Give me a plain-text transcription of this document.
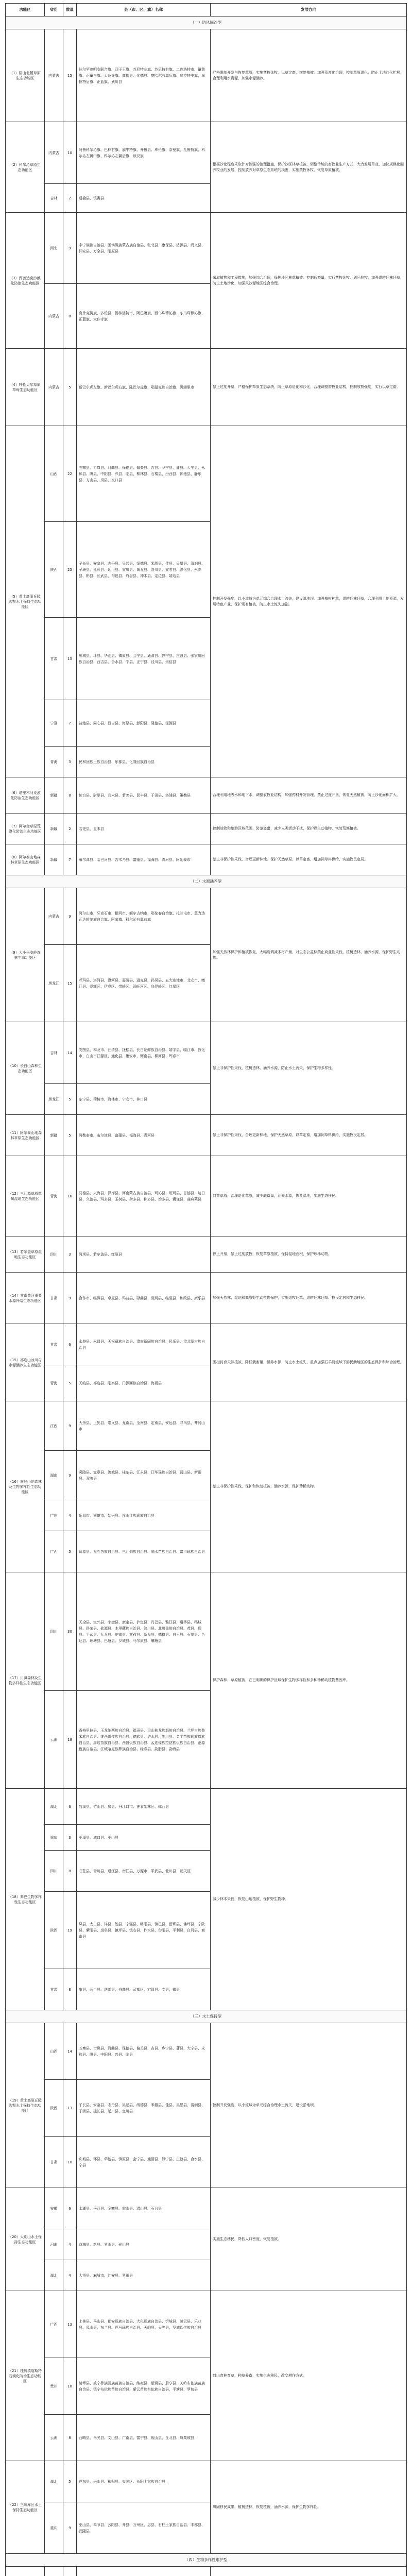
功能区	省份	数量	县（市、区、旗）名称	发展方向
（一）防风固沙型				
（1）阴山北麓草原生态功能区	内蒙古	15	达尔罕茂明安联合旗、四子王旗、苏尼特左旗、苏尼特右旗、二连浩特市、镶黄旗、正镶白旗、太仆寺旗、商都县、化德县、察哈尔右翼后旗、乌拉特中旗、乌拉特后旗、正蓝旗、武川县	严格限制开发与恢复草原，实施禁牧休牧，以草定畜，恢复植被。加强荒漠化治理，控制草原退化，防止土地沙化扩展，合理利用水资源，加强水源涵养。
（2）科尔沁草原生态功能区	内蒙古	10	阿鲁科尔沁旗、巴林右旗、翁牛特旗、开鲁县、库伦旗、奈曼旗、扎鲁特旗、科尔沁左翼中旗、科尔沁左翼后旗、敖汉旗	根据沙化程度采取针对性强的治理措施，保护沙区林草植被，调整传统的畜牧业生产方式，大力发展草业，加快规模化圈养牧业的发展，控制放养对草原生态系统的损害，实施禁牧休牧，恢复草原植被。
	吉林	2	通榆县、镇赉县	
（3）浑善达克沙漠化防治生态功能区	河北	9	丰宁满族自治县、围场满族蒙古族自治县、张北县、康保县、沽源县、尚义县、怀安县、万全县、阳原县	采取植物和工程措施，加强综合治理，保护沙区林草植被。控制载畜量，实行禁牧休牧、划区轮牧，加强退耕还林还草，防止土地沙化，加强风沙源地区综合治理。
	内蒙古	8	克什克腾旗、多伦县、锡林浩特市、阿巴嘎旗、西乌珠穆沁旗、东乌珠穆沁旗、正蓝旗、太仆寺旗	
（4）呼伦贝尔草原草甸生态功能区	内蒙古	5	新巴尔虎左旗、新巴尔虎右旗、陈巴尔虎旗、鄂温克族自治旗、满洲里市	禁止过度开垦，严格保护草原生态系统，防止草原退化和沙化，合理调整畜牧业结构，控制放牧强度，实行以草定畜。
（5）黄土高原丘陵沟壑水土保持生态功能区	山西	22	五寨县、岢岚县、河曲县、保德县、偏关县、吉县、乡宁县、蒲县、大宁县、永和县、隰县、中阳县、兴县、临县、柳林县、石楼县、汾西县、神池县、静乐县、方山县、岚县、交口县	控制开发强度，以小流域为单元综合治理水土流失，建设淤地坝。加强植树种草，退耕还林还草，合理利用土地资源，发展特色产业，保护现有植被，防止水土流失加剧。
	陕西	25	子长县、安塞县、志丹县、吴起县、绥德县、米脂县、佳县、吴堡县、清涧县、子洲县、延长县、延川县、宜川县、黄龙县、洛川县、宜君县、淳化县、永寿县、彬县、长武县、旬邑县、府谷县、神木县、定边县、靖边县	
	甘肃	15	庆城县、环县、华池县、镇原县、会宁县、通渭县、静宁县、庄浪县、张家川回族自治县、西吉县、合水县、宁县、正宁县、泾川县、崇信县	
	宁夏	7	盐池县、同心县、西吉县、海原县、彭阳县、隆德县、泾源县	
	青海	3	民和回族土族自治县、乐都县、化隆回族自治县	
（6）塔里木河荒漠化防治生态功能区	新疆	8	轮台县、尉犁县、且末县、若羌县、民丰县、于田县、洛浦县、策勒县	合理利用地表水和地下水，调整农牧业结构，加强药材开发管理，禁止过度开垦，恢复天然植被，防止沙化面积扩大。
（7）阿尔金草原荒漠化防治生态功能区	新疆	2	若羌县、且末县	控制放牧和旅游区域范围，防范盗猎，减少人类活动干扰，保护野生动植物，恢复荒漠植被。
（8）阿尔泰山地森林草原生态功能区	新疆	7	布尔津县、哈巴河县、吉木乃县、富蕴县、福海县、青河县、阿勒泰市	禁止非保护性采伐，合理更新林地。保护天然草原，以草定畜，增加饲草料供给，实施牧民定居。
（二）水源涵养型				
（9）大小兴安岭森林生态功能区	内蒙古	9	阿尔山市、牙克石市、根河市、额尔古纳市、鄂伦春自治旗、扎兰屯市、莫力达瓦达斡尔族自治旗、阿荣旗、科尔沁右翼前旗	加强天然林保护和植被恢复，大幅度调减木材产量，对生态公益林禁止商业性采伐，植树造林，涵养水源，保护野生动物。
	黑龙江	15	呼玛县、塔河县、漠河县、嘉荫县、逊克县、孙吴县、五大连池市、北安市、嫩江县、爱辉区、伊春区、带岭区、汤旺河区、乌伊岭区、红星区	
（10）长白山森林生态功能区	吉林	14	安图县、和龙市、汪清县、抚松县、长白朝鲜族自治县、靖宇县、临江市、敦化市、白山市江源区、通化县、集安市、辉南县、柳河县、珲春市	禁止非保护性采伐，植树造林，涵养水源，防止水土流失，保护生物多样性。
	黑龙江	5	东宁县、穆棱市、海林市、宁安市、林口县	
（11）阿尔泰山地森林草原生态功能区	新疆	5	阿勒泰市、布尔津县、富蕴县、福海县、青河县	禁止非保护性采伐，合理更新林地，保护天然草原，以草定畜，增加饲草料供给，实施牧民定居。
（12）三江源草原草甸湿地生态功能区	青海	16	同德县、兴海县、泽库县、河南蒙古族自治县、玛沁县、班玛县、甘德县、达日县、久治县、玛多县、玉树县、杂多县、称多县、治多县、囊谦县、曲麻莱县	封育草原，治理退化草原，减少载畜量，涵养水源，恢复湿地，实施生态移民。
（13）若尔盖草原湿地生态功能区	四川	3	阿坝县、若尔盖县、红原县	停止开垦，禁止过度放牧，恢复草原植被，保持湿地面积，保护珍稀动物。
（14）甘南黄河重要水源补给生态功能区	甘肃	9	合作市、临潭县、卓尼县、玛曲县、碌曲县、夏河县、临夏县、和政县、康乐县	加强天然林、湿地和高原野生动植物保护，实施退牧还草、退耕还林还草、牧民定居和生态移民。
（15）祁连山冰川与水源涵养生态功能区	甘肃	6	永登县、永昌县、天祝藏族自治县、肃南裕固族自治县、民乐县、肃北蒙古族自治县	围栏封育天然植被，降低载畜量，涵养水源，防止水土流失，重点加强石羊河流域下游民勤地区的生态保护和综合治理。
	青海	5	天峻县、祁连县、刚察县、门源回族自治县、海晏县	
（16）南岭山地森林及生物多样性生态功能区	江西	9	大余县、上犹县、崇义县、龙南县、全南县、定南县、安远县、寻乌县、井冈山市	禁止非保护性采伐，保护和恢复植被，涵养水源，保护珍稀动物。
	湖南	9	炎陵县、宜章县、汝城县、桂东县、江永县、江华瑶族自治县、蓝山县、新田县、双牌县	
	广东	4	乐昌市、南雄市、始兴县、连山壮族瑶族自治县	
	广西	5	资源县、龙胜各族自治县、三江侗族自治县、融水苗族自治县、富川瑶族自治县	
（17）川滇森林及生物多样性生态功能区	四川	30	天全县、宝兴县、小金县、康定县、泸定县、丹巴县、雅江县、道孚县、稻城县、得荣县、盐源县、木里藏族自治县、汶川县、北川羌族自治县、茂县、理县、平武县、九龙县、炉霍县、甘孜县、新龙县、德格县、白玉县、石渠县、色达县、理塘县、巴塘县、乡城县、马尔康县、壤塘县	保护森林、草原植被，在已明确的保护区域保护生物多样性和多种珍稀动植物基因库。
	云南	18	香格里拉县、玉龙纳西族自治县、福贡县、贡山独龙族怒族自治县、兰坪白族普米族自治县、维西傈僳族自治县、德钦县、泸水县、剑川县、金平苗族瑶族傣族自治县、屏边苗族自治县、西盟佤族自治县、孟连傣族拉祜族佤族自治县、沧源佤族自治县、江城哈尼族彝族自治县、绿春县、勐腊县、勐海县	
（18）秦巴生物多样性生态功能区	湖北	6	竹溪县、竹山县、房县、丹江口市、神农架林区、郧西县	减少林木采伐，恢复山地植被，保护野生物种。
	重庆	3	巫溪县、城口县、巫山县	
	四川	8	旺苍县、青川县、通江县、南江县、万源市、平武县、北川县、朝天区	
	陕西	19	凤县、太白县、洋县、勉县、宁强县、略阳县、镇巴县、留坝县、佛坪县、宁陕县、紫阳县、岚皋县、镇坪县、镇安县、柞水县、旬阳县、平利县、白河县、商南县	
	甘肃	8	康县、两当县、迭部县、舟曲县、武都区、宕昌县、文县、徽县	
（三）水土保持型				
（19）黄土高原丘陵沟壑水土保持生态功能区	山西	14	五寨县、岢岚县、河曲县、保德县、偏关县、吉县、乡宁县、蒲县、大宁县、永和县、隰县、中阳县、兴县、临县	控制开发强度，以小流域为单元综合治理水土流失，建设淤地坝。
	陕西	13	子长县、安塞县、志丹县、吴起县、绥德县、米脂县、佳县、吴堡县、清涧县、子洲县、延长县、延川县、宜川县	
	甘肃	10	庆城县、环县、华池县、镇原县、会宁县、通渭县、静宁县、庄浪县、合水县、宁县	
（20）大别山水土保持生态功能区	安徽	6	太湖县、岳西县、金寨县、霍山县、潜山县、石台县	实施生态移民，降低人口密度，恢复植被。
	河南	4	商城县、新县、罗山县、光山县	
	湖北	4	大悟县、麻城市、红安县、罗田县	
（21）桂黔滇喀斯特石漠化防治生态功能区	广西	13	上林县、马山县、都安瑶族自治县、大化瑶族自治县、忻城县、凌云县、乐业县、凤山县、东兰县、巴马瑶族自治县、天峨县、天等县、罗城仫佬族自治县	封山育林育草，种草养畜，实施生态移民，改变耕作方式。
	贵州	10	赫章县、威宁彝族回族苗族自治县、纳雍县、望谟县、册亨县、关岭布依族苗族自治县、镇宁布依族苗族自治县、紫云苗族布依族自治县、平塘县、罗甸县	
	云南	8	西畴县、马关县、文山县、广南县、富宁县、砚山县、丘北县、麻栗坡县	
（22）三峡库区水土保持生态功能区	湖北	5	巴东县、兴山县、秭归县、夷陵区、长阳土家族自治县	巩固移民成果，植树造林，恢复植被，涵养水源，保护生物多样性。
	重庆	9	巫山县、奉节县、云阳县、开县、万州区、忠县、石柱土家族自治县、丰都县、武隆县	
（四）生物多样性维护型				
